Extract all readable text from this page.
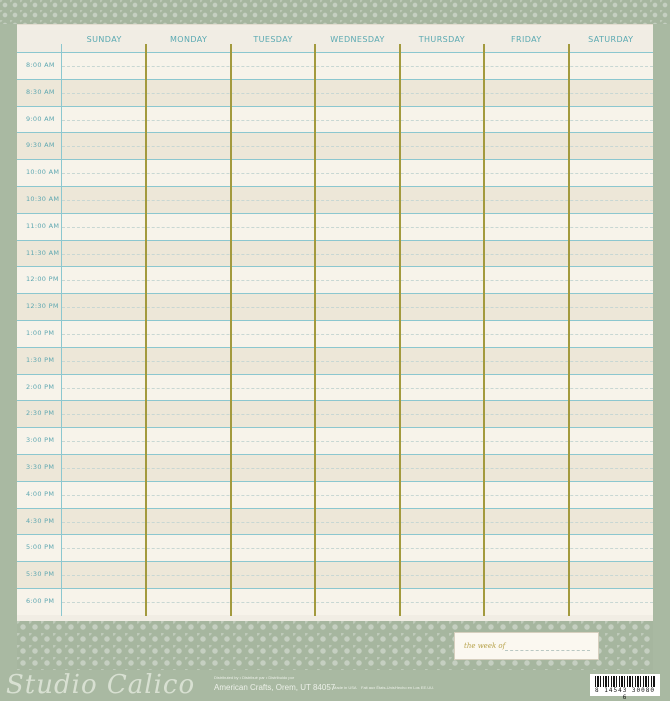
SUNDAY	MONDAY	TUESDAY	WEDNESDAY	THURSDAY	FRIDAY	SATURDAY
8:00 AM
8:30 AM
9:00 AM
9:30 AM
10:00 AM
10:30 AM
11:00 AM
11:30 AM
12:00 PM
12:30 PM
1:00 PM
1:30 PM
2:00 PM
2:30 PM
3:00 PM
3:30 PM
4:00 PM
4:30 PM
5:00 PM
5:30 PM
6:00 PM
the week of
Studio Calico	Distributed by • Distribué par • Distribuido por
American Crafts, Orem, UT 84057
Made in USA Fait aux États-Unis Hecho en Los EE.UU.	8 14543 30080 6
